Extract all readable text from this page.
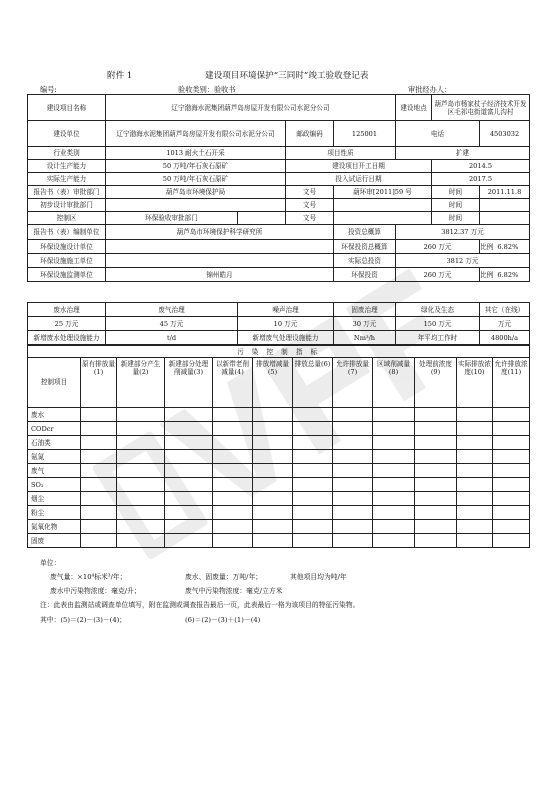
附件 1	建设项目环境保护“三同时”竣工验收登记表
编号:	验收类别：验收书	审批经办人：
建设项目名称	辽宁渤海水泥集团葫芦岛房屋开发有限公司水泥分公司				建设地点	葫芦岛市杨家杖子经济技术开发区毛祁屯街道富儿沟村	
建设单位	辽宁渤海水泥集团葫芦岛房屋开发有限公司水泥分公司		邮政编码	125001	电话		4503032
行业类别	1013 耐火土石开采		项目性质		扩建		
设计生产能力	50 万吨/年石灰石原矿		建设项目开工日期			2014.5	
实际生产能力	50 万吨/年石灰石原矿		投入试运行日期			2017.5	
报告书（表）审批部门	葫芦岛市环境保护局		文号	葫环审[2011]59 号		时间	2011.11.8
初步设计审批部门			文号			时间	
控制区	环保验收审批部门		文号			时间	
报告书（表）编制单位	葫芦岛市环境保护科学研究所			投资总概算	3812.37 万元		
环保设施设计单位				环保投资总概算	260 万元		比例 6.82%
环保设施施工单位				实际总投资	3812 万元		
环保设施监测单位	锦州皓月			环保投资	260 万元		比例 6.82%
废水治理	废气治理	噪声治理	固废治理	绿化及生态	其它（在线）
25 万元	45 万元	10 万元	30 万元	150 万元	万元
新增废水处理设施能力	t/d	新增废气处理设施能力	Nm³/h	年平均工作时	4800h/a
污 染 控 制 指 标											
控制项目	原有排放量(1)	新建部分产生量(2)	新建部分处理削减量(3)	以新带老削减量(4)	排放增减量(5)	排放总量(6)	允许排放量(7)	区域削减量(8)	处理前浓度(9)	实际排放浓度(10)	允许排放浓度(11)
废水											
CODcr											
石油类											
氨氮											
废气											
SO₂											
烟尘											
粉尘											
氮氧化物											
固废											
单位：
废气量：×10⁴标米³/年；	废水、固废量：万吨/年；	其他项目均为吨/年
废水中污染物浓度：毫克/升；	废气中污染物浓度：毫克/立方米
注：此表由监测站或调查单位填写，附在监测或调查报告最后一页，此表最后一格为该项目的特征污染物。
其中：(5)＝(2)－(3)－(4)；	(6)＝(2)－(3)＋(1)－(4)
